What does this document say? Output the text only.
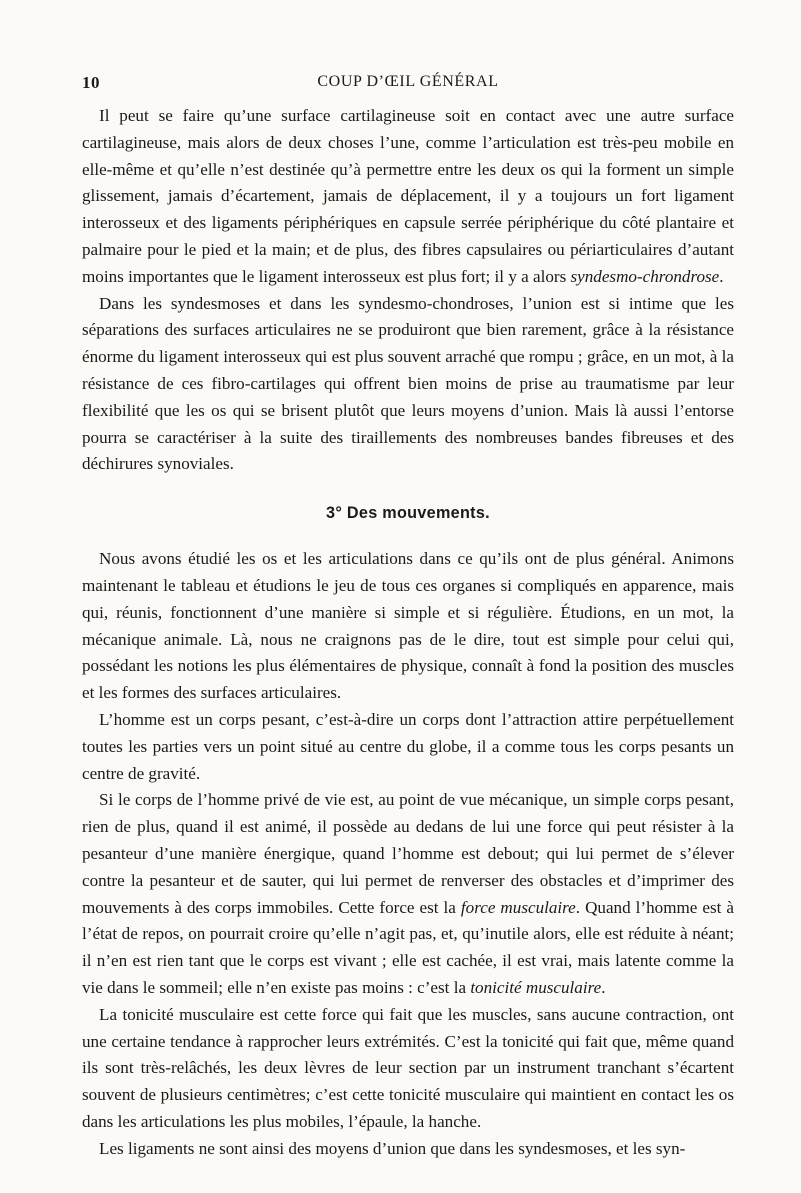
10	COUP D’ŒIL GÉNÉRAL

Il peut se faire qu’une surface cartilagineuse soit en contact avec une autre surface cartilagineuse, mais alors de deux choses l’une, comme l’articulation est très-peu mobile en elle-même et qu’elle n’est destinée qu’à permettre entre les deux os qui la forment un simple glissement, jamais d’écartement, jamais de déplacement, il y a toujours un fort ligament interosseux et des ligaments périphériques en capsule serrée périphérique du côté plantaire et palmaire pour le pied et la main; et de plus, des fibres capsulaires ou périarticulaires d’autant moins importantes que le ligament interosseux est plus fort; il y a alors syndesmo-chrondrose.

Dans les syndesmoses et dans les syndesmo-chondroses, l’union est si intime que les séparations des surfaces articulaires ne se produiront que bien rarement, grâce à la résistance énorme du ligament interosseux qui est plus souvent arraché que rompu ; grâce, en un mot, à la résistance de ces fibro-cartilages qui offrent bien moins de prise au traumatisme par leur flexibilité que les os qui se brisent plutôt que leurs moyens d’union. Mais là aussi l’entorse pourra se caractériser à la suite des tiraillements des nombreuses bandes fibreuses et des déchirures synoviales.

3° Des mouvements.

Nous avons étudié les os et les articulations dans ce qu’ils ont de plus général. Animons maintenant le tableau et étudions le jeu de tous ces organes si compliqués en apparence, mais qui, réunis, fonctionnent d’une manière si simple et si régulière. Étudions, en un mot, la mécanique animale. Là, nous ne craignons pas de le dire, tout est simple pour celui qui, possédant les notions les plus élémentaires de physique, connaît à fond la position des muscles et les formes des surfaces articulaires.

L’homme est un corps pesant, c’est-à-dire un corps dont l’attraction attire perpétuellement toutes les parties vers un point situé au centre du globe, il a comme tous les corps pesants un centre de gravité.

Si le corps de l’homme privé de vie est, au point de vue mécanique, un simple corps pesant, rien de plus, quand il est animé, il possède au dedans de lui une force qui peut résister à la pesanteur d’une manière énergique, quand l’homme est debout; qui lui permet de s’élever contre la pesanteur et de sauter, qui lui permet de renverser des obstacles et d’imprimer des mouvements à des corps immobiles. Cette force est la force musculaire. Quand l’homme est à l’état de repos, on pourrait croire qu’elle n’agit pas, et, qu’inutile alors, elle est réduite à néant; il n’en est rien tant que le corps est vivant ; elle est cachée, il est vrai, mais latente comme la vie dans le sommeil; elle n’en existe pas moins : c’est la tonicité musculaire.

La tonicité musculaire est cette force qui fait que les muscles, sans aucune contraction, ont une certaine tendance à rapprocher leurs extrémités. C’est la tonicité qui fait que, même quand ils sont très-relâchés, les deux lèvres de leur section par un instrument tranchant s’écartent souvent de plusieurs centimètres; c’est cette tonicité musculaire qui maintient en contact les os dans les articulations les plus mobiles, l’épaule, la hanche.

Les ligaments ne sont ainsi des moyens d’union que dans les syndesmoses, et les syn-
